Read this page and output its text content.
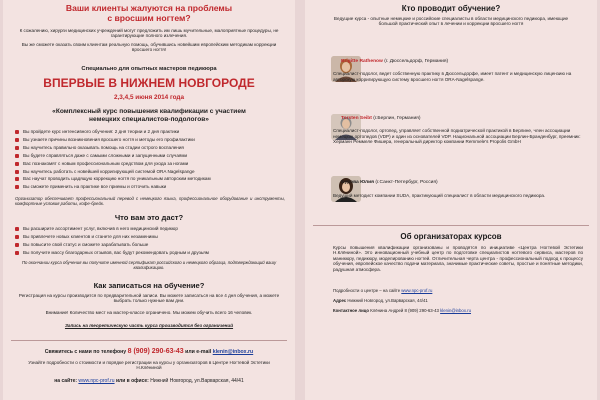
Ваши клиенты жалуются на проблемы
с вросшим ногтем?
К сожалению, хирурги медицинских учреждений могут предложить им лишь мучительные, малоприятные процедуры, не гарантирующие полного излечения.
Вы же сможете оказать своим клиентам реальную помощь, обучившись новейшим европейским методикам коррекции вросшего ногтя!
Специально для опытных мастеров педикюра
ВПЕРВЫЕ В НИЖНЕМ НОВГОРОДЕ
2,3,4,5 июня 2014 года
«Комплексный курс повышения квалификации с участием
немецких специалистов-подологов»
Вы пройдете курс интенсивного обучения: 2 дня теории и 2 дня практики
Вы узнаете причины возникновения вросшего ногтя и методы его профилактики
Вы научитесь правильно оказывать помощь на стадии острого воспаления
Вы будете справляться даже с самыми сложными и запущенными случаями
Вас познакомят с новым профессиональным средством для ухода за ногами
Вы научитесь работать с новейшей корригирующей системой ORA Nagelspange
Вас научат проводить щадящую коррекцию ногтя по уникальным авторским методикам
Вы сможете применить на практике все приемы и отточить навыки
Организатор обеспечивает профессиональный перевод с немецкого языка, профессиональное оборудование и инструменты, комфортные условия работы, кофе-брейк.
Что вам это даст?
Вы расширите ассортимент услуг, включив в него медицинский педикюр
Вы привлечете новых клиентов и станете для них незаменимы
Вы повысите свой статус и сможете зарабатывать больше
Вы получите массу благодарных отзывов, вас будут рекомендовать родным и друзьям
По окончании курса обучения вы получите именной сертификат российского и немецкого образца, подтверждающий вашу квалификацию.
Как записаться на обучение?
Регистрация на курсы производится по предварительной записи. Вы можете записаться на все 4 дня обучения, а можете выбрать только нужные вам дни.
Внимание! Количество мест на мастер-классе ограничено. Мы можем обучить всего 16 человек.
Запись на теоретическую часть курса производится без ограничений
Свяжитесь с нами по телефону 8 (909) 290-63-43 или e-mail klenin@inbox.ru
Узнайте подробности о стоимости и порядке регистрации на курсы у организаторов в Центре Ногтевой Эстетики Н.Клёниной
на сайте: www.npc-prof.ru или в офисе: Нижний Новгород, ул.Варварская, 44/41
Кто проводит обучение?
Ведущие курса - опытные немецкие и российские специалисты в области медицинского педикюра, имеющие большой практический опыт в лечении и коррекции вросшего ногтя
Brigitte Rathenow (г. Дюссельдорф, Германия)
Специалист-подолог, ведет собственную практику в Дюссельдорфе, имеет патент и медицинскую лицензию на авторскую корригирующую систему вросшего ногтя ORA-Nagelspange.
Torsten Seibt (г.Берлин, Германия)
Специалист-подолог, ортопед, управляет собственной подиатрической практикой в Берлине, член ассоциации немецких ортопедов (VDP) и один из основателей VDP. Национальной ассоциации Берлин-Бранденбург, преемник: Херманн Реммеле Фишера, генеральный директор компании Remmele's Propolis GmbH
Бурова Юлия (г.Санкт-Петербург, Россия)
Ведущий методист компании SUDA, практикующий специалист в области медицинского педикюра.
Об организаторах курсов
Курсы повышения квалификации организованы и проводятся по инициативе «Центра Ногтевой Эстетики Н.Клёниной». Это инновационный учебный центр по подготовке специалистов ногтевого сервиса, мастеров по маникюру, педикюру, моделированию ногтей. Отличительная черта центра - профессиональный подход к процессу обучения, европейское качество подачи материала, значимые практические советы, простые и понятные методики, радушная атмосфера.
Подробности о центре – на сайте www.npc-prof.ru
Адрес Нижний Новгород, ул.Варварская, 44/41
Контактное лицо Клёнина Андрей 8 (909) 290-63-43 klenin@inbox.ru
